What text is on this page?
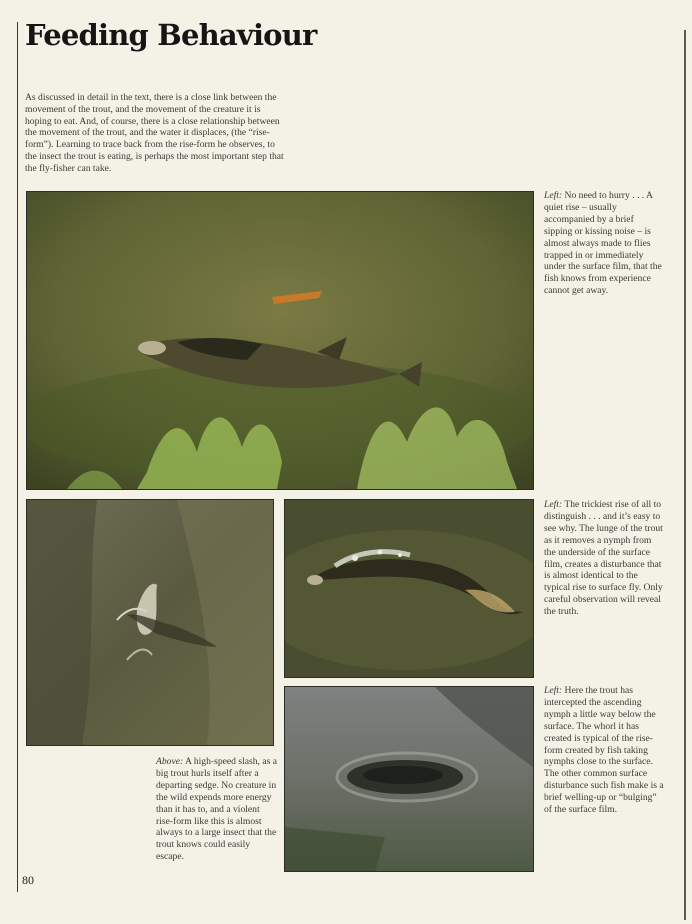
Feeding Behaviour

As discussed in detail in the text, there is a close link between the movement of the trout, and the movement of the creature it is hoping to eat. And, of course, there is a close relationship between the movement of the trout, and the water it displaces, (the “rise-form”). Learning to trace back from the rise-form he observes, to the insect the trout is eating, is perhaps the most important step that the fly-fisher can take.

Left: No need to hurry . . . A quiet rise – usually accompanied by a brief sipping or kissing noise – is almost always made to flies trapped in or immediately under the surface film, that the fish knows from experience cannot get away.
Left: The trickiest rise of all to distinguish . . . and it’s easy to see why. The lunge of the trout as it removes a nymph from the underside of the surface film, creates a disturbance that is almost identical to the typical rise to surface fly. Only careful observation will reveal the truth.
Left: Here the trout has intercepted the ascending nymph a little way below the surface. The whorl it has created is typical of the rise-form created by fish taking nymphs close to the surface. The other common surface disturbance such fish make is a brief welling-up or “bulging” of the surface film.
Above: A high-speed slash, as a big trout hurls itself after a departing sedge. No creature in the wild expends more energy than it has to, and a violent rise-form like this is almost always to a large insect that the trout knows could easily escape.
80
